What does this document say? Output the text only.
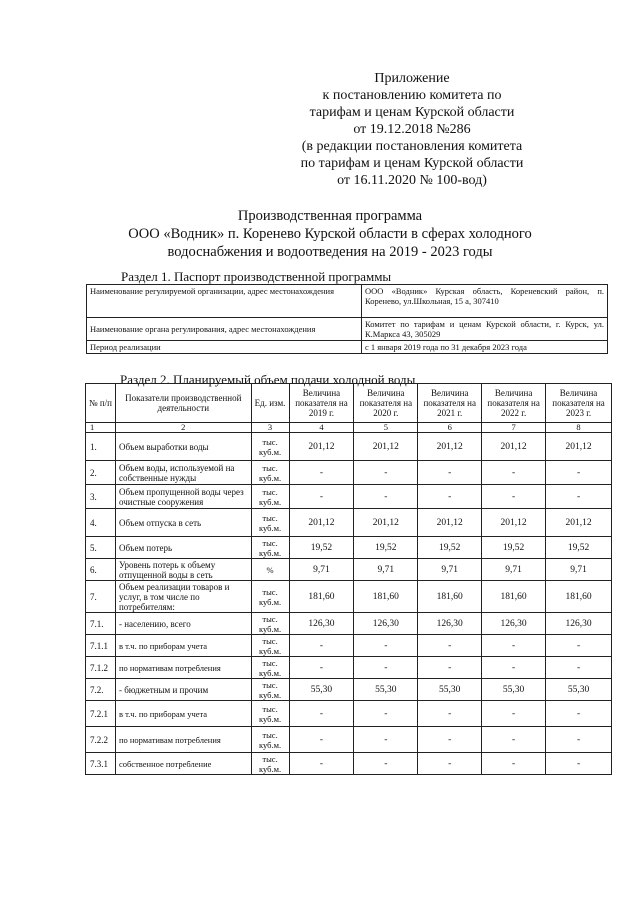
Приложение
к постановлению комитета по
тарифам и ценам Курской области
от 19.12.2018 №286
(в редакции постановления комитета
по тарифам и ценам Курской области
от 16.11.2020 № 100-вод)
Производственная программа
ООО «Водник» п. Коренево Курской области в сферах холодного
водоснабжения и водоотведения на 2019 - 2023 годы
Раздел 1. Паспорт производственной программы
Наименование регулируемой организации, адрес местонахождения	ООО «Водник» Курская область, Кореневский район, п. Коренево, ул.Школьная, 15 а, 307410
Наименование органа регулирования, адрес местонахождения	Комитет по тарифам и ценам Курской области, г. Курск, ул. К.Маркса 43, 305029
Период реализации	с 1 января 2019 года по 31 декабря 2023 года
Раздел 2. Планируемый объем подачи холодной воды
№ п/п	Показатели производственной деятельности	Ед. изм.	Величина показателя на 2019 г.	Величина показателя на 2020 г.	Величина показателя на 2021 г.	Величина показателя на 2022 г.	Величина показателя на 2023 г.
1	2	3	4	5	6	7	8
1.	Объем выработки воды	тыс. куб.м.	201,12	201,12	201,12	201,12	201,12
2.	Объем воды, используемой на собственные нужды	тыс. куб.м.	-	-	-	-	-
3.	Объем пропущенной воды через очистные сооружения	тыс. куб.м.	-	-	-	-	-
4.	Объем отпуска в сеть	тыс. куб.м.	201,12	201,12	201,12	201,12	201,12
5.	Объем потерь	тыс. куб.м.	19,52	19,52	19,52	19,52	19,52
6.	Уровень потерь к объему отпущенной воды в сеть	%	9,71	9,71	9,71	9,71	9,71
7.	Объем реализации товаров и услуг, в том числе по потребителям:	тыс. куб.м.	181,60	181,60	181,60	181,60	181,60
7.1.	- населению, всего	тыс. куб.м.	126,30	126,30	126,30	126,30	126,30
7.1.1	в т.ч. по приборам учета	тыс. куб.м.	-	-	-	-	-
7.1.2	по нормативам потребления	тыс. куб.м.	-	-	-	-	-
7.2.	- бюджетным и прочим	тыс. куб.м.	55,30	55,30	55,30	55,30	55,30
7.2.1	в т.ч. по приборам учета	тыс. куб.м.	-	-	-	-	-
7.2.2	по нормативам потребления	тыс. куб.м.	-	-	-	-	-
7.3.1	собственное потребление	тыс. куб.м.	-	-	-	-	-
